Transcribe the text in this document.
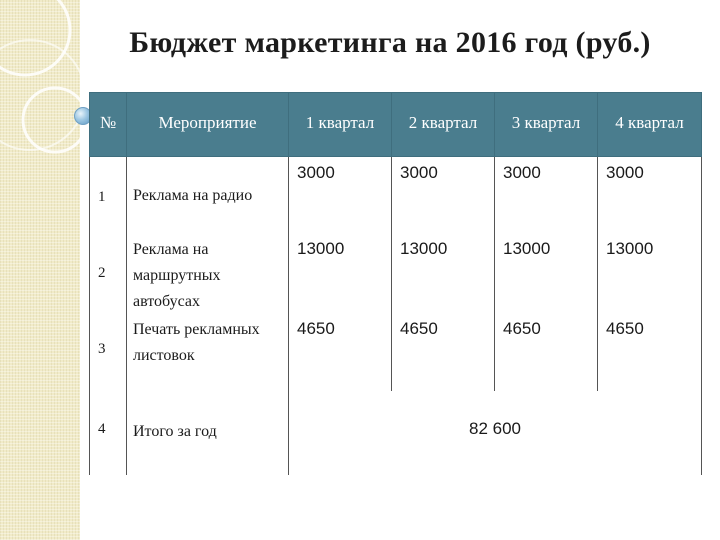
Бюджет маркетинга на 2016 год (руб.)
№	Мероприятие	1 квартал	2 квартал	3 квартал	4 квартал
1	Реклама на радио	3000	3000	3000	3000
2	Реклама на маршрутных автобусах	13000	13000	13000	13000
3	Печать рекламных листовок	4650	4650	4650	4650
4	Итого за год	82 600			
